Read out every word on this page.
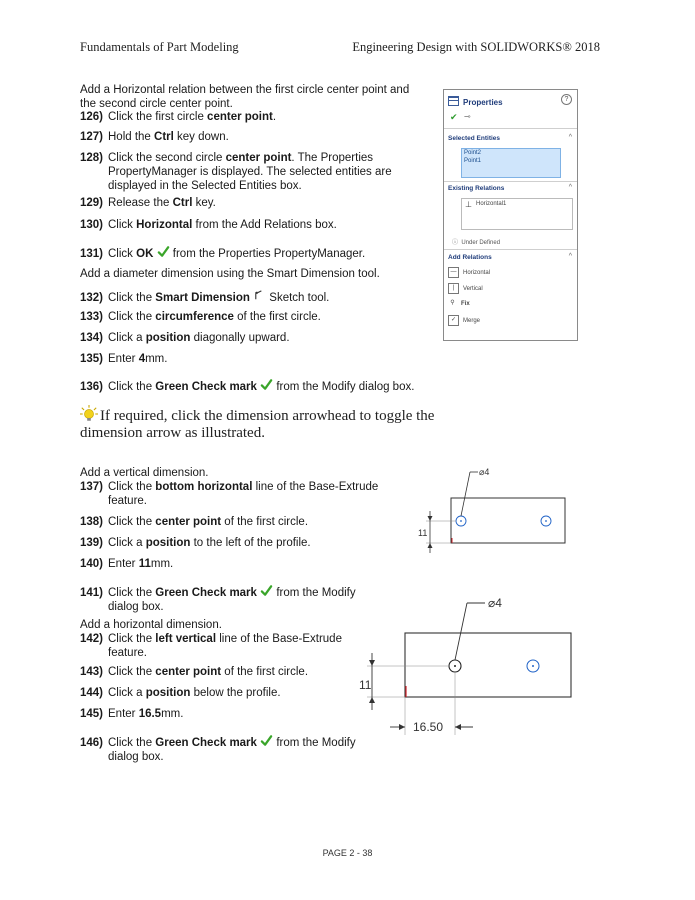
Fundamentals of Part Modeling	Engineering Design with SOLIDWORKS® 2018
Add a Horizontal relation between the first circle center point and the second circle center point.
126) Click the first circle center point.
127) Hold the Ctrl key down.
128) Click the second circle center point. The Properties PropertyManager is displayed. The selected entities are displayed in the Selected Entities box.
129) Release the Ctrl key.
130) Click Horizontal from the Add Relations box.
131) Click OK  from the Properties PropertyManager.
Add a diameter dimension using the Smart Dimension tool.
132) Click the Smart Dimension  Sketch tool.
133) Click the circumference of the first circle.
134) Click a position diagonally upward.
135) Enter 4mm.
136) Click the Green Check mark  from the Modify dialog box.
If required, click the dimension arrowhead to toggle the dimension arrow as illustrated.
Add a vertical dimension.
137) Click the bottom horizontal line of the Base-Extrude feature.
138) Click the center point of the first circle.
139) Click a position to the left of the profile.
140) Enter 11mm.
141) Click the Green Check mark  from the Modify dialog box.
Add a horizontal dimension.
142) Click the left vertical line of the Base-Extrude feature.
143) Click the center point of the first circle.
144) Click a position below the profile.
145) Enter 16.5mm.
146) Click the Green Check mark  from the Modify dialog box.
Properties	?
✔ ⊸
Selected Entities	^
Point2
Point1
Existing Relations	^
⊥ Horizontal1
ⓘ  Under Defined
Add Relations	^
— Horizontal
| Vertical
⚲ Fix
✓ Merge
⌀4
11
⌀4
11
16.50
PAGE 2 - 38
